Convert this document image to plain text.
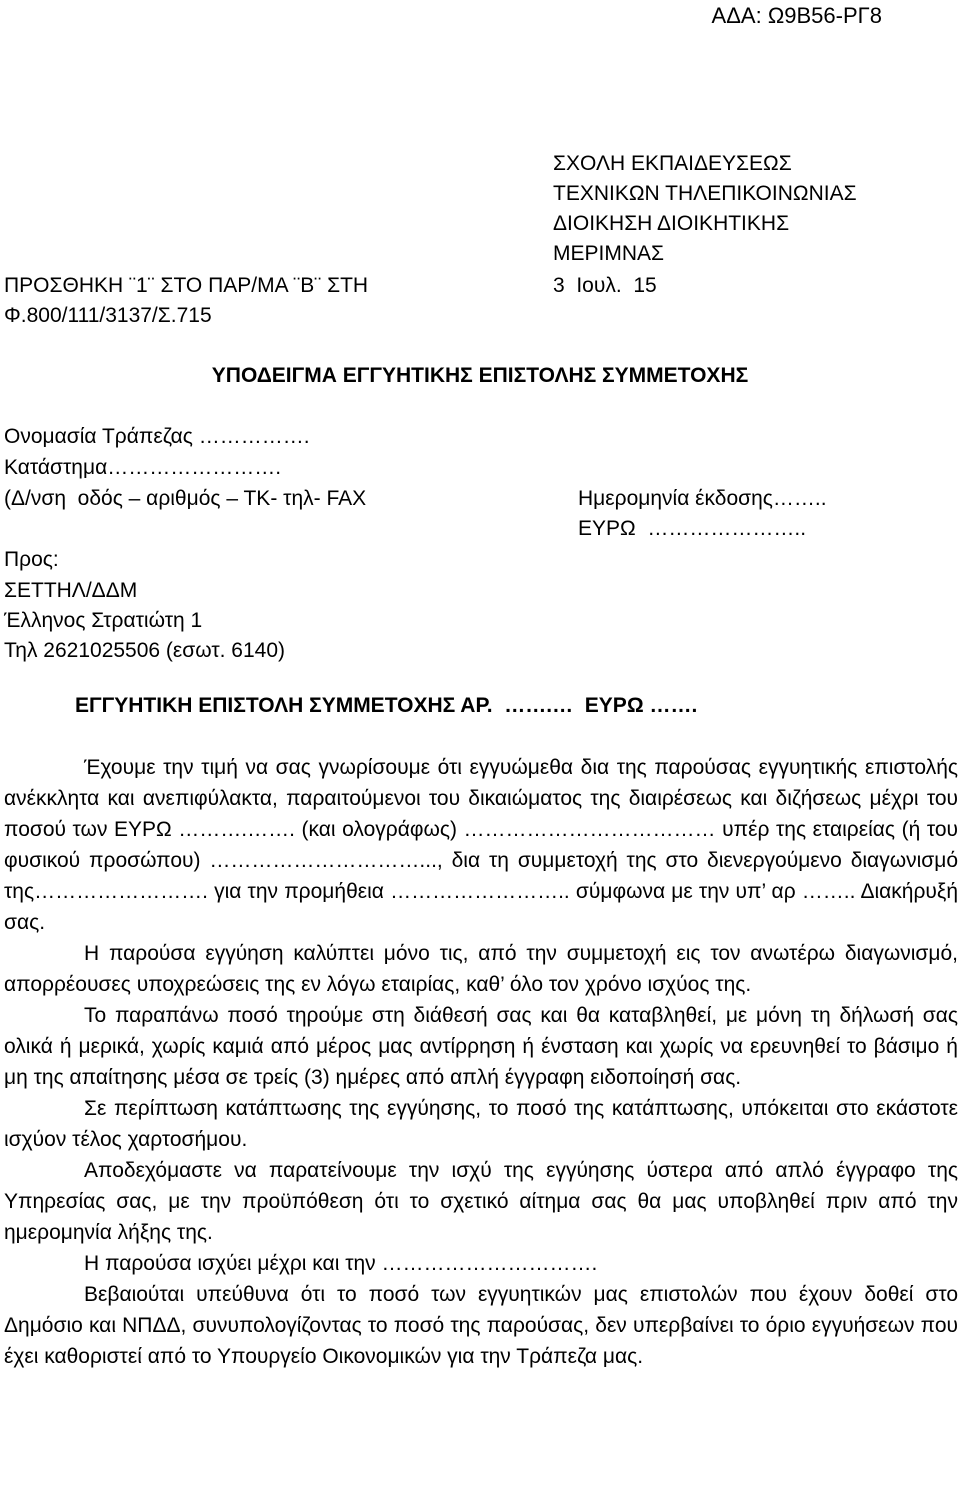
ΑΔΑ: Ω9Β56-ΡΓ8
ΣΧΟΛΗ ΕΚΠΑΙΔΕΥΣΕΩΣ
ΤΕΧΝΙΚΩΝ ΤΗΛΕΠΙΚΟΙΝΩΝΙΑΣ
ΔΙΟΙΚΗΣΗ ΔΙΟΙΚΗΤΙΚΗΣ
ΜΕΡΙΜΝΑΣ
3  Ιουλ.  15
ΠΡΟΣΘΗΚΗ ¨1¨ ΣΤΟ ΠΑΡ/ΜΑ ¨Β¨ ΣΤΗ
Φ.800/111/3137/Σ.715
ΥΠΟΔΕΙΓΜΑ ΕΓΓΥΗΤΙΚΗΣ ΕΠΙΣΤΟΛΗΣ ΣΥΜΜΕΤΟΧΗΣ
Ονομασία Τράπεζας …………….
Κατάστημα…………………….
(Δ/νση  οδός – αριθμός – ΤΚ- τηλ- FAX	Ημερομηνία έκδοσης……..
ΕΥΡΩ  …………………..
Προς:
ΣΕΤΤΗΛ/ΔΔΜ
Έλληνος Στρατιώτη 1
Τηλ 2621025506 (εσωτ. 6140)
ΕΓΓΥΗΤΙΚΗ ΕΠΙΣΤΟΛΗ ΣΥΜΜΕΤΟΧΗΣ ΑΡ.  …….…  ΕΥΡΩ …….

Έχουμε την τιμή να σας γνωρίσουμε ότι εγγυώμεθα δια της παρούσας εγγυητικής επιστολής ανέκκλητα και ανεπιφύλακτα, παραιτούμενοι του δικαιώματος της διαιρέσεως και διζήσεως μέχρι του ποσού των ΕΥΡΩ ……….……. (και ολογράφως) ……………………………… υπέρ της εταιρείας (ή του φυσικού προσώπου) …………………………..., δια τη συμμετοχή της στο διενεργούμενο διαγωνισμό της……………………. για την προμήθεια …………………….. σύμφωνα με την υπ’ αρ …….. Διακήρυξή σας.

Η παρούσα εγγύηση καλύπτει μόνο τις, από την συμμετοχή εις τον ανωτέρω διαγωνισμό, απορρέουσες υποχρεώσεις της εν λόγω εταιρίας, καθ’ όλο τον χρόνο ισχύος της.

Το παραπάνω ποσό τηρούμε στη διάθεσή σας και θα καταβληθεί, με μόνη τη δήλωσή σας ολικά ή μερικά, χωρίς καμιά από μέρος μας αντίρρηση ή ένσταση και χωρίς να ερευνηθεί το βάσιμο ή μη της απαίτησης μέσα σε τρείς (3) ημέρες από απλή έγγραφη ειδοποίησή σας.

Σε περίπτωση κατάπτωσης της εγγύησης, το ποσό της κατάπτωσης, υπόκειται στο εκάστοτε ισχύον τέλος χαρτοσήμου.

Αποδεχόμαστε να παρατείνουμε την ισχύ της εγγύησης ύστερα από απλό έγγραφο της Υπηρεσίας σας, με την προϋπόθεση ότι το σχετικό αίτημα σας θα μας υποβληθεί πριν από την ημερομηνία λήξης της.

Η παρούσα ισχύει μέχρι και την ………………………….

Βεβαιούται υπεύθυνα ότι το ποσό των εγγυητικών μας επιστολών που έχουν δοθεί στο Δημόσιο και ΝΠΔΔ, συνυπολογίζοντας το ποσό της παρούσας, δεν υπερβαίνει το όριο εγγυήσεων που έχει καθοριστεί από το Υπουργείο Οικονομικών για την Τράπεζα μας.
